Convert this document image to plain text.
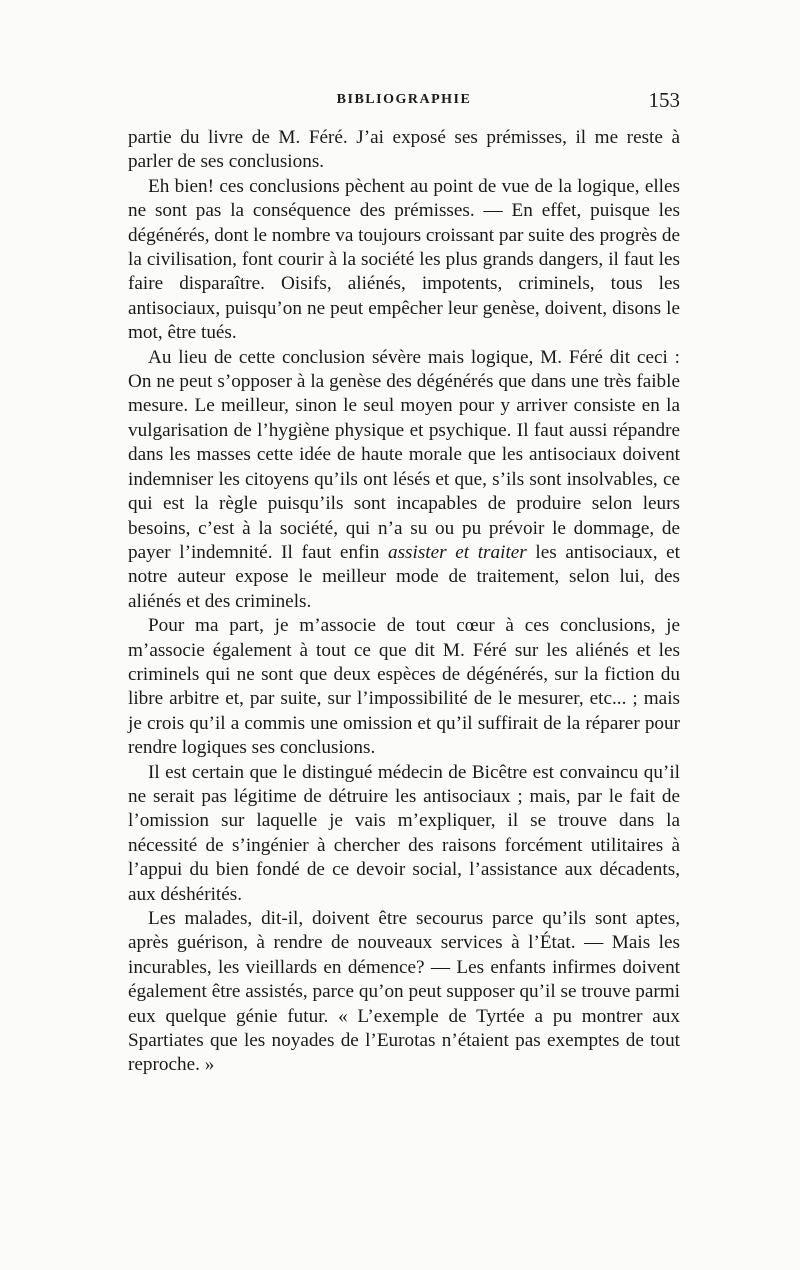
BIBLIOGRAPHIE	153

partie du livre de M. Féré. J’ai exposé ses prémisses, il me reste à parler de ses conclusions.

Eh bien! ces conclusions pèchent au point de vue de la logique, elles ne sont pas la conséquence des prémisses. — En effet, puisque les dégénérés, dont le nombre va toujours croissant par suite des progrès de la civilisation, font courir à la société les plus grands dangers, il faut les faire disparaître. Oisifs, aliénés, impotents, criminels, tous les antisociaux, puisqu’on ne peut empêcher leur genèse, doivent, disons le mot, être tués.

Au lieu de cette conclusion sévère mais logique, M. Féré dit ceci : On ne peut s’opposer à la genèse des dégénérés que dans une très faible mesure. Le meilleur, sinon le seul moyen pour y arriver consiste en la vulgarisation de l’hygiène physique et psychique. Il faut aussi répandre dans les masses cette idée de haute morale que les antisociaux doivent indemniser les citoyens qu’ils ont lésés et que, s’ils sont insolvables, ce qui est la règle puisqu’ils sont incapables de produire selon leurs besoins, c’est à la société, qui n’a su ou pu prévoir le dommage, de payer l’indemnité. Il faut enfin assister et traiter les antisociaux, et notre auteur expose le meilleur mode de traitement, selon lui, des aliénés et des criminels.

Pour ma part, je m’associe de tout cœur à ces conclusions, je m’associe également à tout ce que dit M. Féré sur les aliénés et les criminels qui ne sont que deux espèces de dégénérés, sur la fiction du libre arbitre et, par suite, sur l’impossibilité de le mesurer, etc... ; mais je crois qu’il a commis une omission et qu’il suffirait de la réparer pour rendre logiques ses conclusions.

Il est certain que le distingué médecin de Bicêtre est convaincu qu’il ne serait pas légitime de détruire les antisociaux ; mais, par le fait de l’omission sur laquelle je vais m’expliquer, il se trouve dans la nécessité de s’ingénier à chercher des raisons forcément utilitaires à l’appui du bien fondé de ce devoir social, l’assistance aux décadents, aux déshérités.

Les malades, dit-il, doivent être secourus parce qu’ils sont aptes, après guérison, à rendre de nouveaux services à l’État. — Mais les incurables, les vieillards en démence? — Les enfants infirmes doivent également être assistés, parce qu’on peut supposer qu’il se trouve parmi eux quelque génie futur. « L’exemple de Tyrtée a pu montrer aux Spartiates que les noyades de l’Eurotas n’étaient pas exemptes de tout reproche. »
